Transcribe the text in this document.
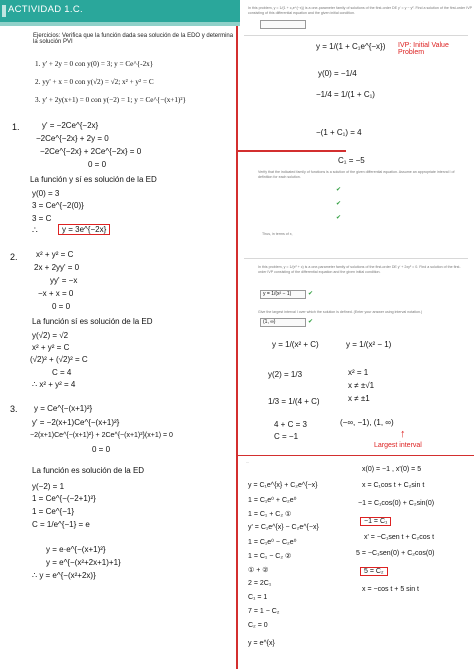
ACTIVIDAD 1.C.
Ejercicios: Verifica que la función dada sea solución de la EDO y determina la solución PVI
1. y' + 2y = 0 con y(0) = 3; y = Ce^{-2x}
2. yy' + x = 0 con y(√2) = √2; x² + y² = C
3. y' + 2y(x+1) = 0 con y(−2) = 1; y = Ce^{−(x+1)²}
1.	y' = −2Ce^{−2x}
−2Ce^{−2x} + 2y = 0
−2Ce^{−2x} + 2Ce^{−2x} = 0
0 = 0
La función y sí es solución de la ED
y(0) = 3
3 = Ce^{−2(0)}
3 = C
∴	y = 3e^{−2x}
2. x² + y² = C
2x + 2yy' = 0
yy' = −x
−x + x = 0
0 = 0
La función sí es solución de la ED
y(√2) = √2
x² + y² = C
(√2)² + (√2)² = C
C = 4
∴ x² + y² = 4
3. y = Ce^{−(x+1)²}
y' = −2(x+1)Ce^{−(x+1)²}
−2(x+1)Ce^{−(x+1)²} + 2Ce^{−(x+1)²}(x+1) = 0
0 = 0
La función es solución de la ED
y(−2) = 1
1 = Ce^{−(−2+1)²}
1 = Ce^{−1}
C = 1/e^{−1} = e
y = e·e^{−(x+1)²}
y = e^{−(x²+2x+1)+1}
∴ y = e^{−(x²+2x)}
In this problem, y = 1/(1 + c₁e^{−x}) is a one-parameter family of solutions of the first-order DE y' = y − y². Find a solution of the first-order IVP consisting of this differential equation and the given initial condition.
y = 1/(1 + C₁e^{−x}) IVP: Initial Value Problem
y(0) = −1/4
−1/4 = 1/(1 + C₁)
−(1 + C₁) = 4
C₁ = −5
Verify that the indicated family of functions is a solution of the given differential equation. Assume an appropriate interval I of definition for each solution.
Thus, in terms of x,
✔
✔
✔
In this problem, y = 1/(x² + c) is a one-parameter family of solutions of the first-order DE y' + 2xy² = 0. Find a solution of the first-order IVP consisting of the differential equation and the given initial condition.
y = 1/(x² − 1)	✔
Give the largest interval I over which the solution is defined. (Enter your answer using interval notation.)
(1, ∞)	✔
y = 1/(x² + C)
y(2) = 1/3
1/3 = 1/(4 + C)
4 + C = 3
C = −1
y = 1/(x² − 1)
x² = 1
x ≠ ±√1
x ≠ ±1
(−∞, −1), (1, ∞)
↑
Largest interval
...
y = C₁e^{x} + C₂e^{−x}
1 = C₁e⁰ + C₂e⁰
1 = C₁ + C₂ ①
y' = C₁e^{x} − C₂e^{−x}
1 = C₁e⁰ − C₂e⁰
1 = C₁ − C₂ ②
① + ②
2 = 2C₁
C₁ = 1
7 = 1 − C₂
C₂ = 0
y = e^{x}
x(0) = −1 , x'(0) = 5
x = C₁cos t + C₂sin t
−1 = C₁cos(0) + C₂sin(0)
−1 = C₁
x' = −C₁sen t + C₂cos t
5 = −C₁sen(0) + C₂cos(0)
5 = C₂
x = −cos t + 5 sin t
